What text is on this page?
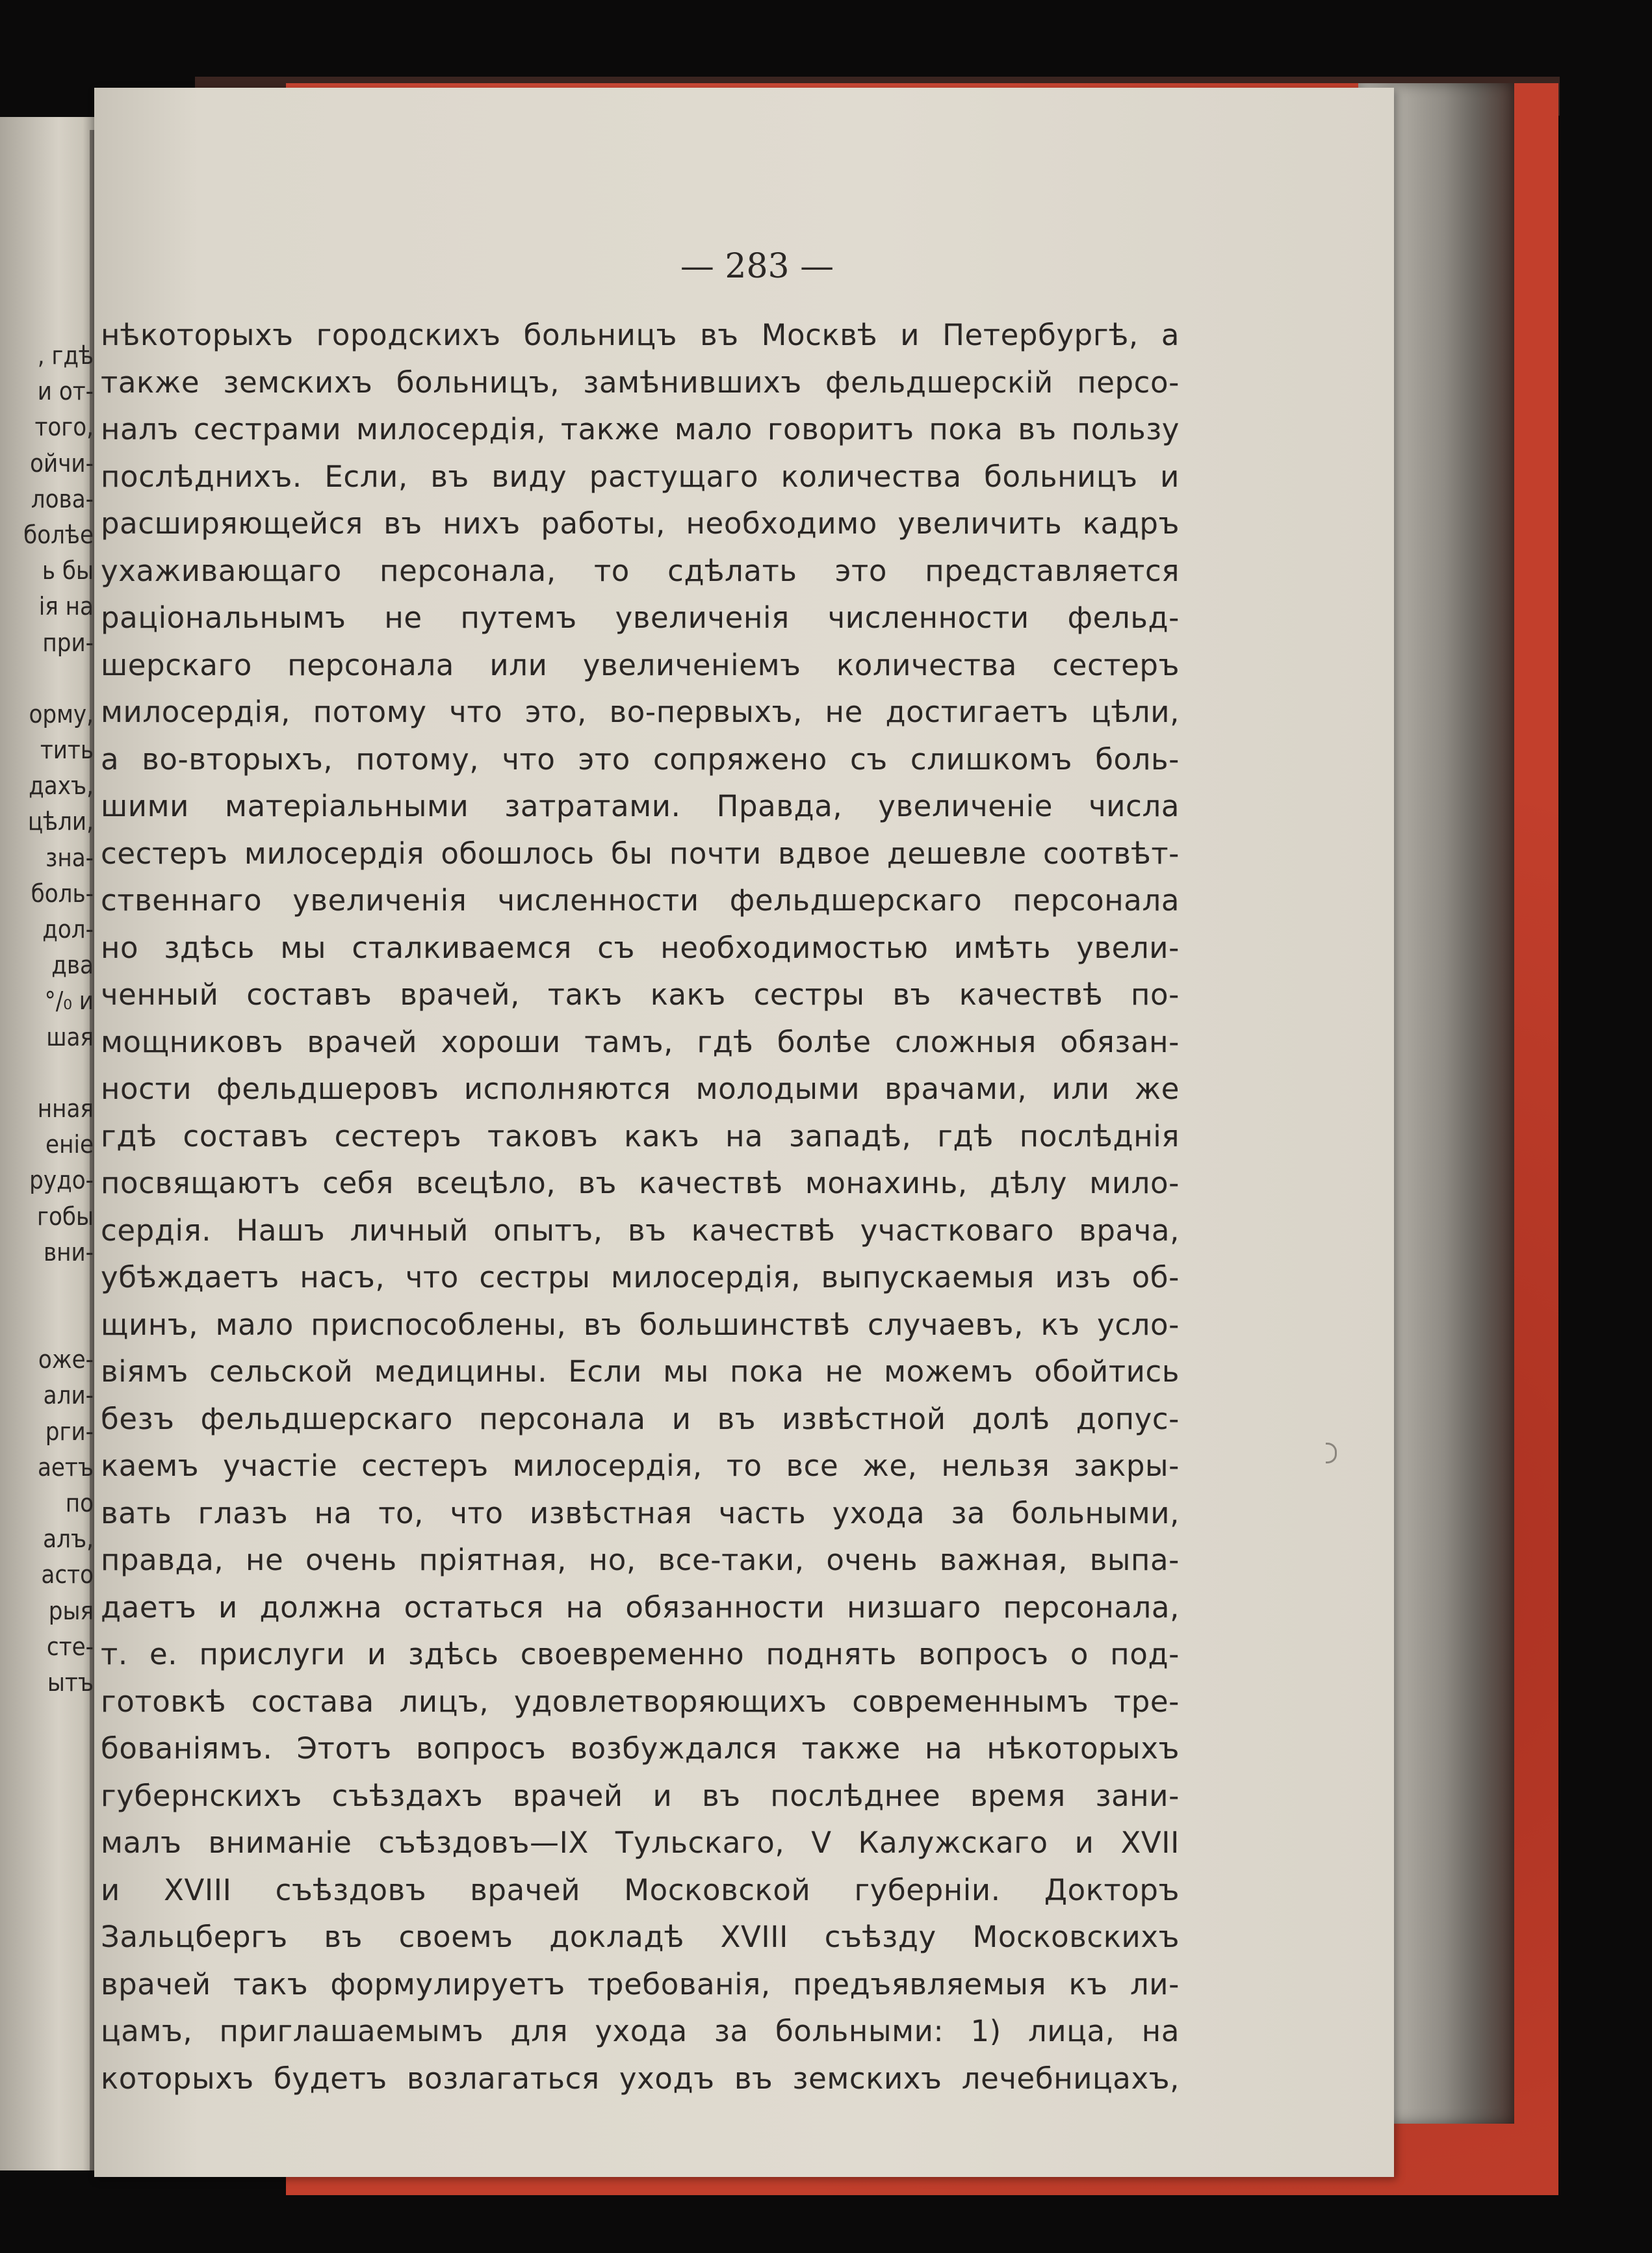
, гдѣ
и от-
того,
ойчи-
лова-
болѣе
ь бы
ія на
при-
орму,
тить
дахъ,
цѣли,
зна-
боль-
дол-
два
°/₀ и
шая
нная
еніе
рудо-
гобы
вни-
оже-
али-
рги-
аетъ
по
алъ,
асто
рыя
сте-
ытъ
— 283 —
нѣкоторыхъ городскихъ больницъ въ Москвѣ и Петербургѣ, а
также земскихъ больницъ, замѣнившихъ фельдшерскій персо-
налъ сестрами милосердія, также мало говоритъ пока въ пользу
послѣднихъ. Если, въ виду растущаго количества больницъ и
расширяющейся въ нихъ работы, необходимо увеличить кадръ
ухаживающаго персонала, то сдѣлать это представляется
раціональнымъ не путемъ увеличенія численности фельд-
шерскаго персонала или увеличеніемъ количества сестеръ
милосердія, потому что это, во-первыхъ, не достигаетъ цѣли,
а во-вторыхъ, потому, что это сопряжено съ слишкомъ боль-
шими матеріальными затратами. Правда, увеличеніе числа
сестеръ милосердія обошлось бы почти вдвое дешевле соотвѣт-
ственнаго увеличенія численности фельдшерскаго персонала
но здѣсь мы сталкиваемся съ необходимостью имѣть увели-
ченный составъ врачей, такъ какъ сестры въ качествѣ по-
мощниковъ врачей хороши тамъ, гдѣ болѣе сложныя обязан-
ности фельдшеровъ исполняются молодыми врачами, или же
гдѣ составъ сестеръ таковъ какъ на западѣ, гдѣ послѣднія
посвящаютъ себя всецѣло, въ качествѣ монахинь, дѣлу мило-
сердія. Нашъ личный опытъ, въ качествѣ участковаго врача,
убѣждаетъ насъ, что сестры милосердія, выпускаемыя изъ об-
щинъ, мало приспособлены, въ большинствѣ случаевъ, къ усло-
віямъ сельской медицины. Если мы пока не можемъ обойтись
безъ фельдшерскаго персонала и въ извѣстной долѣ допус-
каемъ участіе сестеръ милосердія, то все же, нельзя закры-
вать глазъ на то, что извѣстная часть ухода за больными,
правда, не очень пріятная, но, все-таки, очень важная, выпа-
даетъ и должна остаться на обязанности низшаго персонала,
т. е. прислуги и здѣсь своевременно поднять вопросъ о под-
готовкѣ состава лицъ, удовлетворяющихъ современнымъ тре-
бованіямъ. Этотъ вопросъ возбуждался также на нѣкоторыхъ
губернскихъ съѣздахъ врачей и въ послѣднее время зани-
малъ вниманіе съѣздовъ—IX Тульскаго, V Калужскаго и XVII
и XVIII съѣздовъ врачей Московской губерніи. Докторъ
Зальцбергъ въ своемъ докладѣ XVIII съѣзду Московскихъ
врачей такъ формулируетъ требованія, предъявляемыя къ ли-
цамъ, приглашаемымъ для ухода за больными: 1) лица, на
которыхъ будетъ возлагаться уходъ въ земскихъ лечебницахъ,
